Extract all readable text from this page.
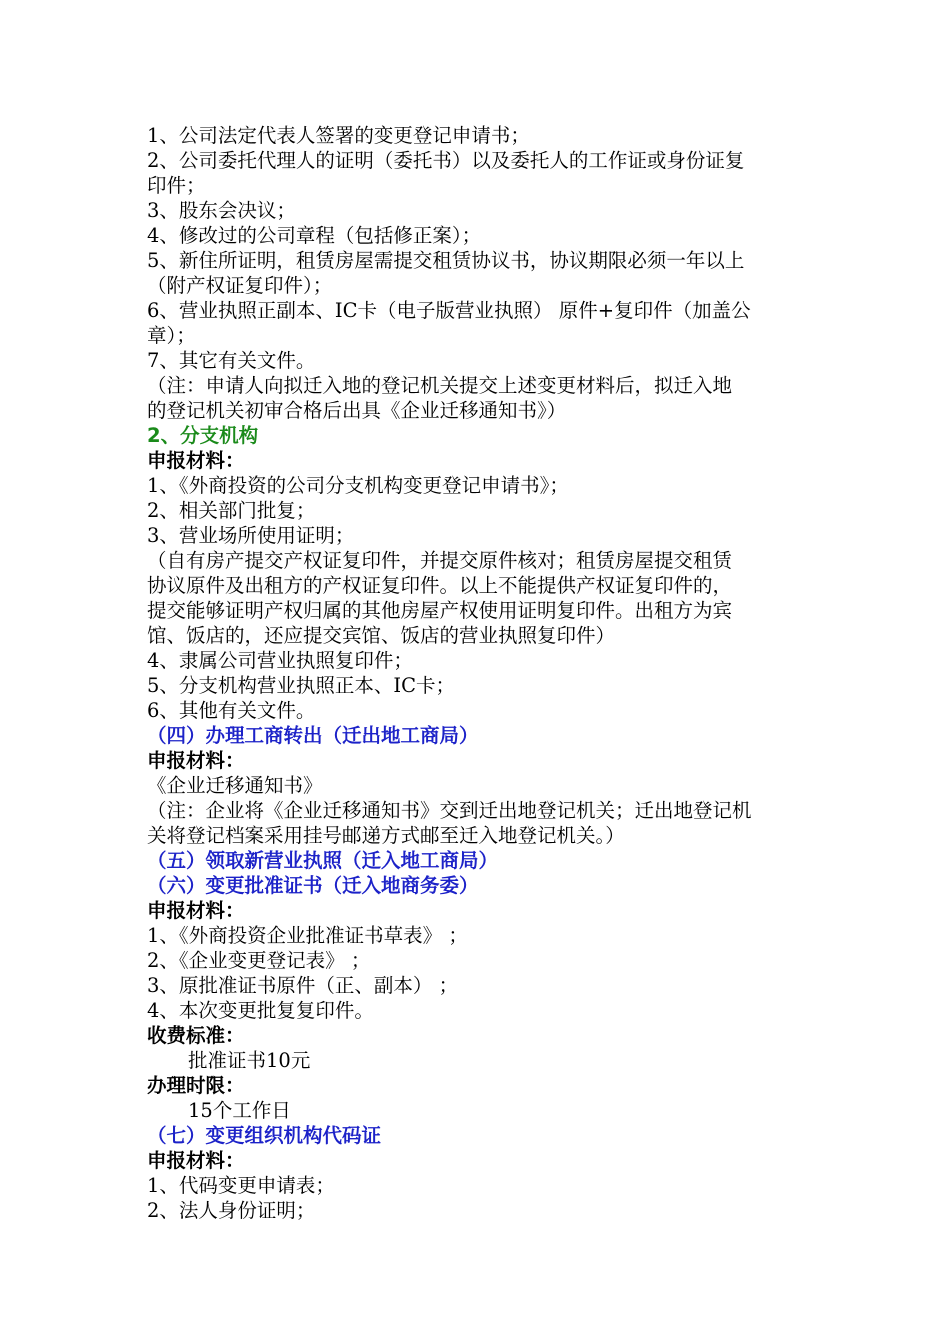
1、公司法定代表人签署的变更登记申请书；
2、公司委托代理人的证明（委托书）以及委托人的工作证或身份证复
印件；
3、股东会决议；
4、修改过的公司章程（包括修正案）；
5、新住所证明，租赁房屋需提交租赁协议书，协议期限必须一年以上
（附产权证复印件）；
6、营业执照正副本、IC卡（电子版营业执照） 原件+复印件（加盖公
章）；
7、其它有关文件。
（注：申请人向拟迁入地的登记机关提交上述变更材料后，拟迁入地
的登记机关初审合格后出具《企业迁移通知书》）
2、分支机构
申报材料：
1、《外商投资的公司分支机构变更登记申请书》；
2、相关部门批复；
3、营业场所使用证明；
（自有房产提交产权证复印件，并提交原件核对；租赁房屋提交租赁
协议原件及出租方的产权证复印件。以上不能提供产权证复印件的，
提交能够证明产权归属的其他房屋产权使用证明复印件。出租方为宾
馆、饭店的，还应提交宾馆、饭店的营业执照复印件）
4、隶属公司营业执照复印件；
5、分支机构营业执照正本、IC卡；
6、其他有关文件。
（四）办理工商转出（迁出地工商局）
申报材料：
《企业迁移通知书》
（注：企业将《企业迁移通知书》交到迁出地登记机关；迁出地登记机
关将登记档案采用挂号邮递方式邮至迁入地登记机关。）
（五）领取新营业执照（迁入地工商局）
（六）变更批准证书（迁入地商务委）
申报材料：
1、《外商投资企业批准证书草表》 ；
2、《企业变更登记表》 ；
3、原批准证书原件（正、副本） ；
4、本次变更批复复印件。
收费标准：
批准证书10元
办理时限：
15个工作日
（七）变更组织机构代码证
申报材料：
1、代码变更申请表；
2、法人身份证明；
